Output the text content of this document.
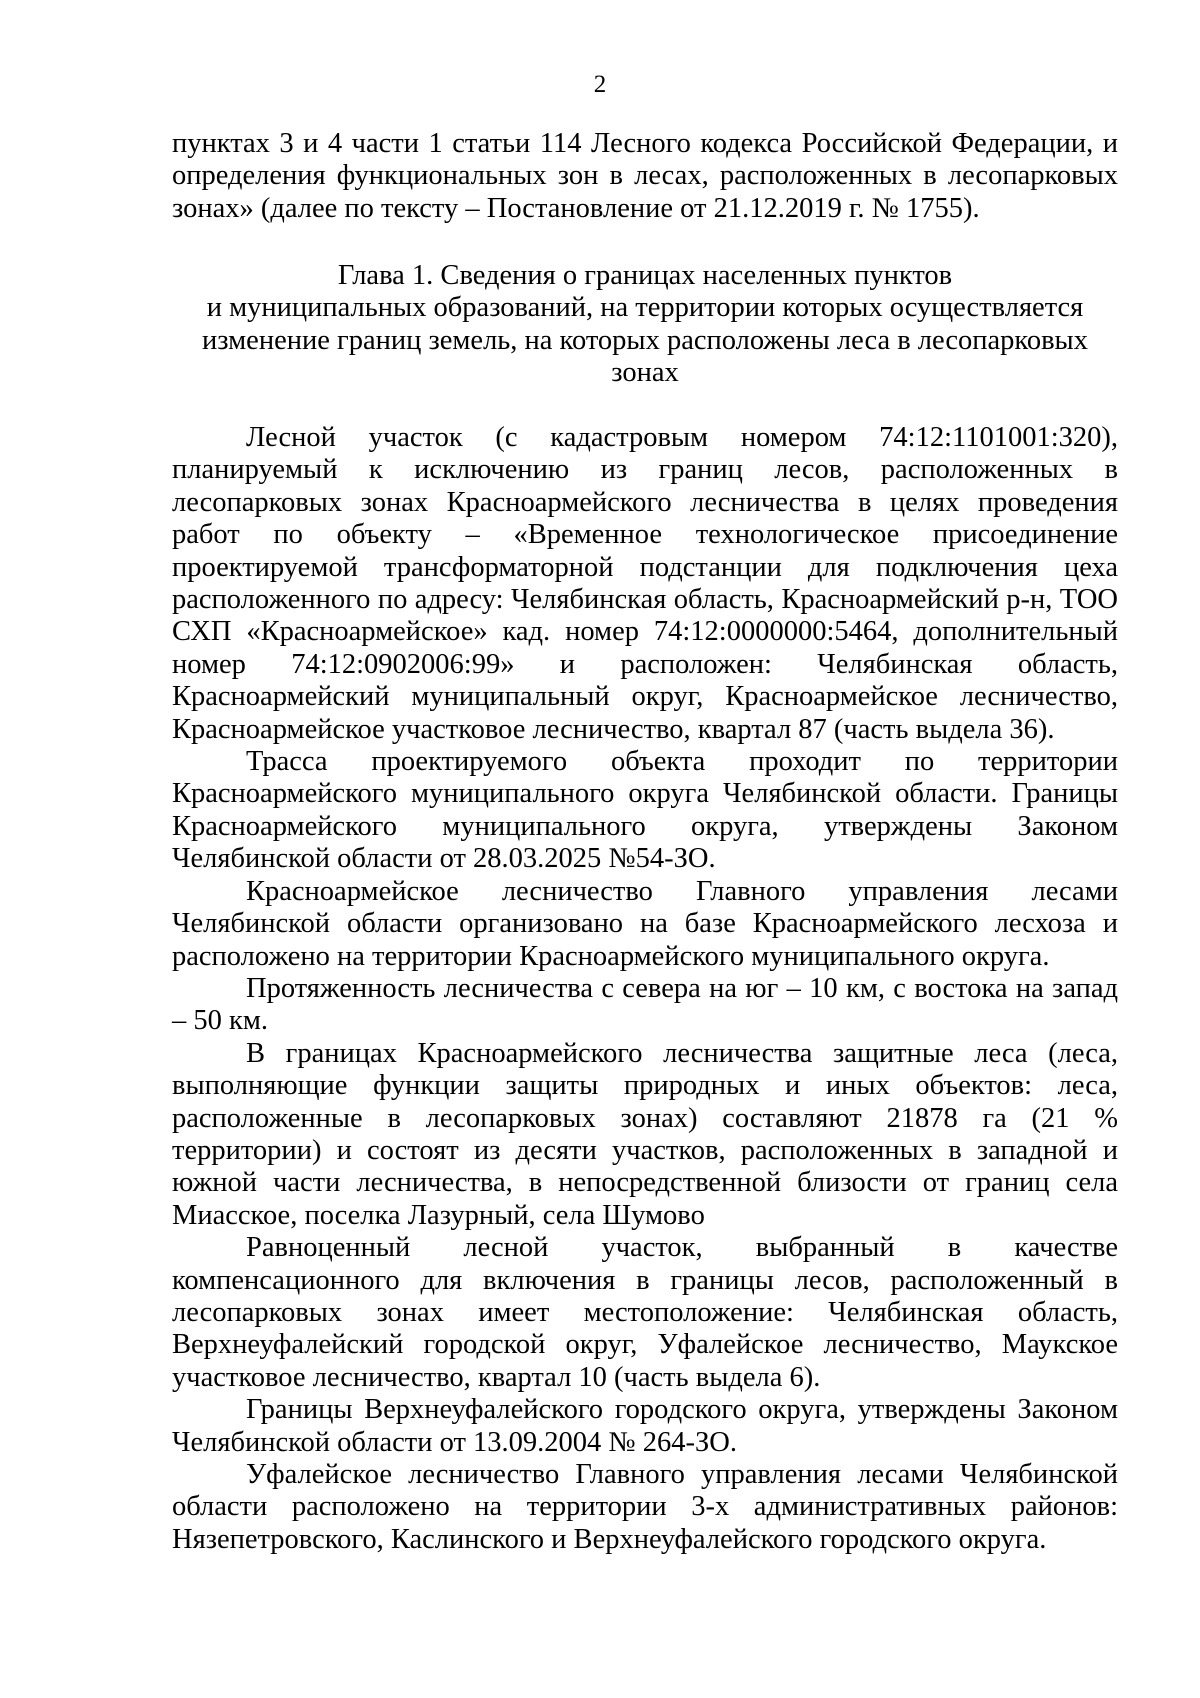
2

пунктах 3 и 4 части 1 статьи 114 Лесного кодекса Российской Федерации, и определения функциональных зон в лесах, расположенных в лесопарковых зонах» (далее по тексту – Постановление от 21.12.2019 г. № 1755).

Глава 1. Сведения о границах населенных пунктов
и муниципальных образований, на территории которых осуществляется
изменение границ земель, на которых расположены леса в лесопарковых
зонах

Лесной участок (с кадастровым номером 74:12:1101001:320), планируемый к исключению из границ лесов, расположенных в лесопарковых зонах Красноармейского лесничества в целях проведения работ по объекту – «Временное технологическое присоединение проектируемой трансформаторной подстанции для подключения цеха расположенного по адресу: Челябинская область, Красноармейский р-н, ТОО СХП «Красноармейское» кад. номер 74:12:0000000:5464, дополнительный номер 74:12:0902006:99» и расположен: Челябинская область, Красноармейский муниципальный округ, Красноармейское лесничество, Красноармейское участковое лесничество, квартал 87 (часть выдела 36).

Трасса проектируемого объекта проходит по территории Красноармейского муниципального округа Челябинской области. Границы Красноармейского муниципального округа, утверждены Законом Челябинской области от 28.03.2025 №54-ЗО.

Красноармейское лесничество Главного управления лесами Челябинской области организовано на базе Красноармейского лесхоза и расположено на территории Красноармейского муниципального округа.

Протяженность лесничества с севера на юг – 10 км, с востока на запад – 50 км.

В границах Красноармейского лесничества защитные леса (леса, выполняющие функции защиты природных и иных объектов: леса, расположенные в лесопарковых зонах) составляют 21878 га (21 % территории) и состоят из десяти участков, расположенных в западной и южной части лесничества, в непосредственной близости от границ села Миасское, поселка Лазурный, села Шумово

Равноценный лесной участок, выбранный в качестве компенсационного для включения в границы лесов, расположенный в лесопарковых зонах имеет местоположение: Челябинская область, Верхнеуфалейский городской округ, Уфалейское лесничество, Маукское участковое лесничество, квартал 10 (часть выдела 6).

Границы Верхнеуфалейского городского округа, утверждены Законом Челябинской области от 13.09.2004 № 264-ЗО.

Уфалейское лесничество Главного управления лесами Челябинской области расположено на территории 3-х административных районов: Нязепетровского, Каслинского и Верхнеуфалейского городского округа.
